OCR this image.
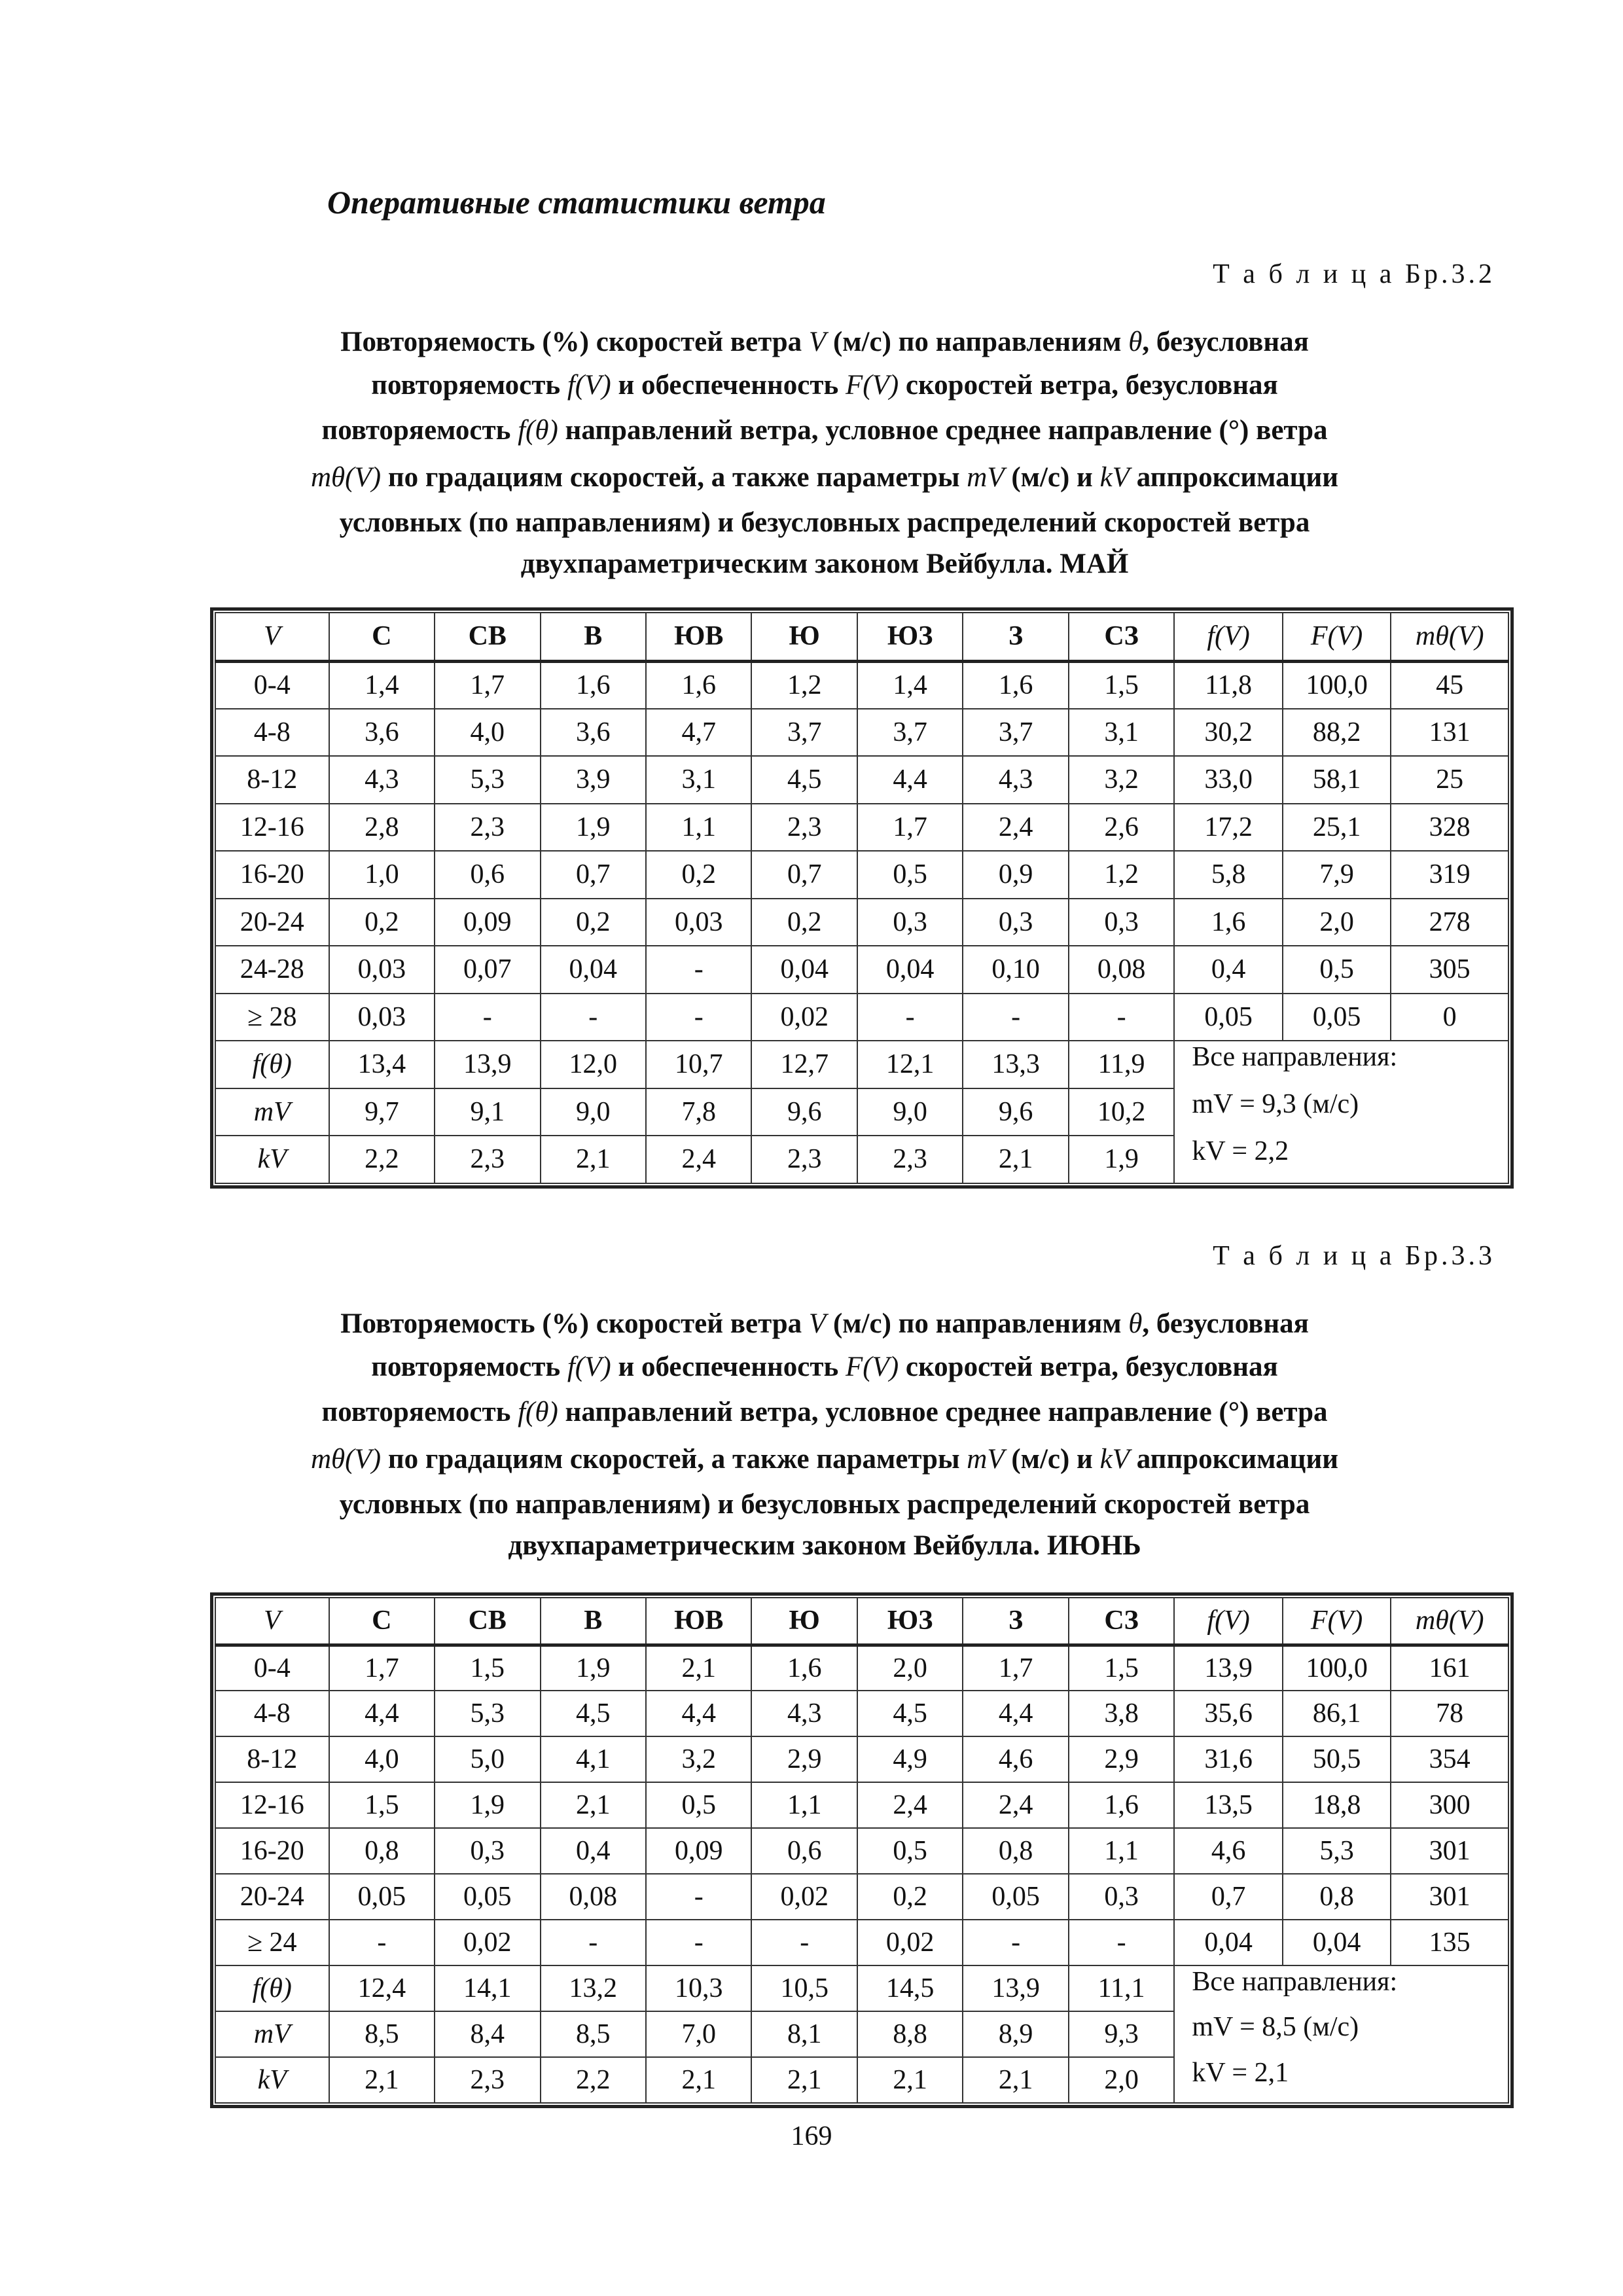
Оперативные статистики ветра
Т а б л и ц а Бр.3.2
Повторяемость (%) скоростей ветра V (м/с) по направлениям θ, безусловная
повторяемость f(V) и обеспеченность F(V) скоростей ветра, безусловная
повторяемость f(θ) направлений ветра, условное среднее направление (°) ветра
mθ(V) по градациям скоростей, а также параметры mV (м/с) и kV аппроксимации
условных (по направлениям) и безусловных распределений скоростей ветра
двухпараметрическим законом Вейбулла. МАЙ
V	С	СВ	В	ЮВ	Ю	ЮЗ	З	СЗ	f(V)	F(V)	mθ(V)
0-4	1,4	1,7	1,6	1,6	1,2	1,4	1,6	1,5	11,8	100,0	45
4-8	3,6	4,0	3,6	4,7	3,7	3,7	3,7	3,1	30,2	88,2	131
8-12	4,3	5,3	3,9	3,1	4,5	4,4	4,3	3,2	33,0	58,1	25
12-16	2,8	2,3	1,9	1,1	2,3	1,7	2,4	2,6	17,2	25,1	328
16-20	1,0	0,6	0,7	0,2	0,7	0,5	0,9	1,2	5,8	7,9	319
20-24	0,2	0,09	0,2	0,03	0,2	0,3	0,3	0,3	1,6	2,0	278
24-28	0,03	0,07	0,04	-	0,04	0,04	0,10	0,08	0,4	0,5	305
≥ 28	0,03	-	-	-	0,02	-	-	-	0,05	0,05	0
f(θ)	13,4	13,9	12,0	10,7	12,7	12,1	13,3	11,9	Все направления:		
mV	9,7	9,1	9,0	7,8	9,6	9,0	9,6	10,2	mV = 9,3 (м/с)		
kV	2,2	2,3	2,1	2,4	2,3	2,3	2,1	1,9	kV = 2,2		
Т а б л и ц а Бр.3.3
Повторяемость (%) скоростей ветра V (м/с) по направлениям θ, безусловная
повторяемость f(V) и обеспеченность F(V) скоростей ветра, безусловная
повторяемость f(θ) направлений ветра, условное среднее направление (°) ветра
mθ(V) по градациям скоростей, а также параметры mV (м/с) и kV аппроксимации
условных (по направлениям) и безусловных распределений скоростей ветра
двухпараметрическим законом Вейбулла. ИЮНЬ
V	С	СВ	В	ЮВ	Ю	ЮЗ	З	СЗ	f(V)	F(V)	mθ(V)
0-4	1,7	1,5	1,9	2,1	1,6	2,0	1,7	1,5	13,9	100,0	161
4-8	4,4	5,3	4,5	4,4	4,3	4,5	4,4	3,8	35,6	86,1	78
8-12	4,0	5,0	4,1	3,2	2,9	4,9	4,6	2,9	31,6	50,5	354
12-16	1,5	1,9	2,1	0,5	1,1	2,4	2,4	1,6	13,5	18,8	300
16-20	0,8	0,3	0,4	0,09	0,6	0,5	0,8	1,1	4,6	5,3	301
20-24	0,05	0,05	0,08	-	0,02	0,2	0,05	0,3	0,7	0,8	301
≥ 24	-	0,02	-	-	-	0,02	-	-	0,04	0,04	135
f(θ)	12,4	14,1	13,2	10,3	10,5	14,5	13,9	11,1	Все направления:		
mV	8,5	8,4	8,5	7,0	8,1	8,8	8,9	9,3	mV = 8,5 (м/с)		
kV	2,1	2,3	2,2	2,1	2,1	2,1	2,1	2,0	kV = 2,1		
169
